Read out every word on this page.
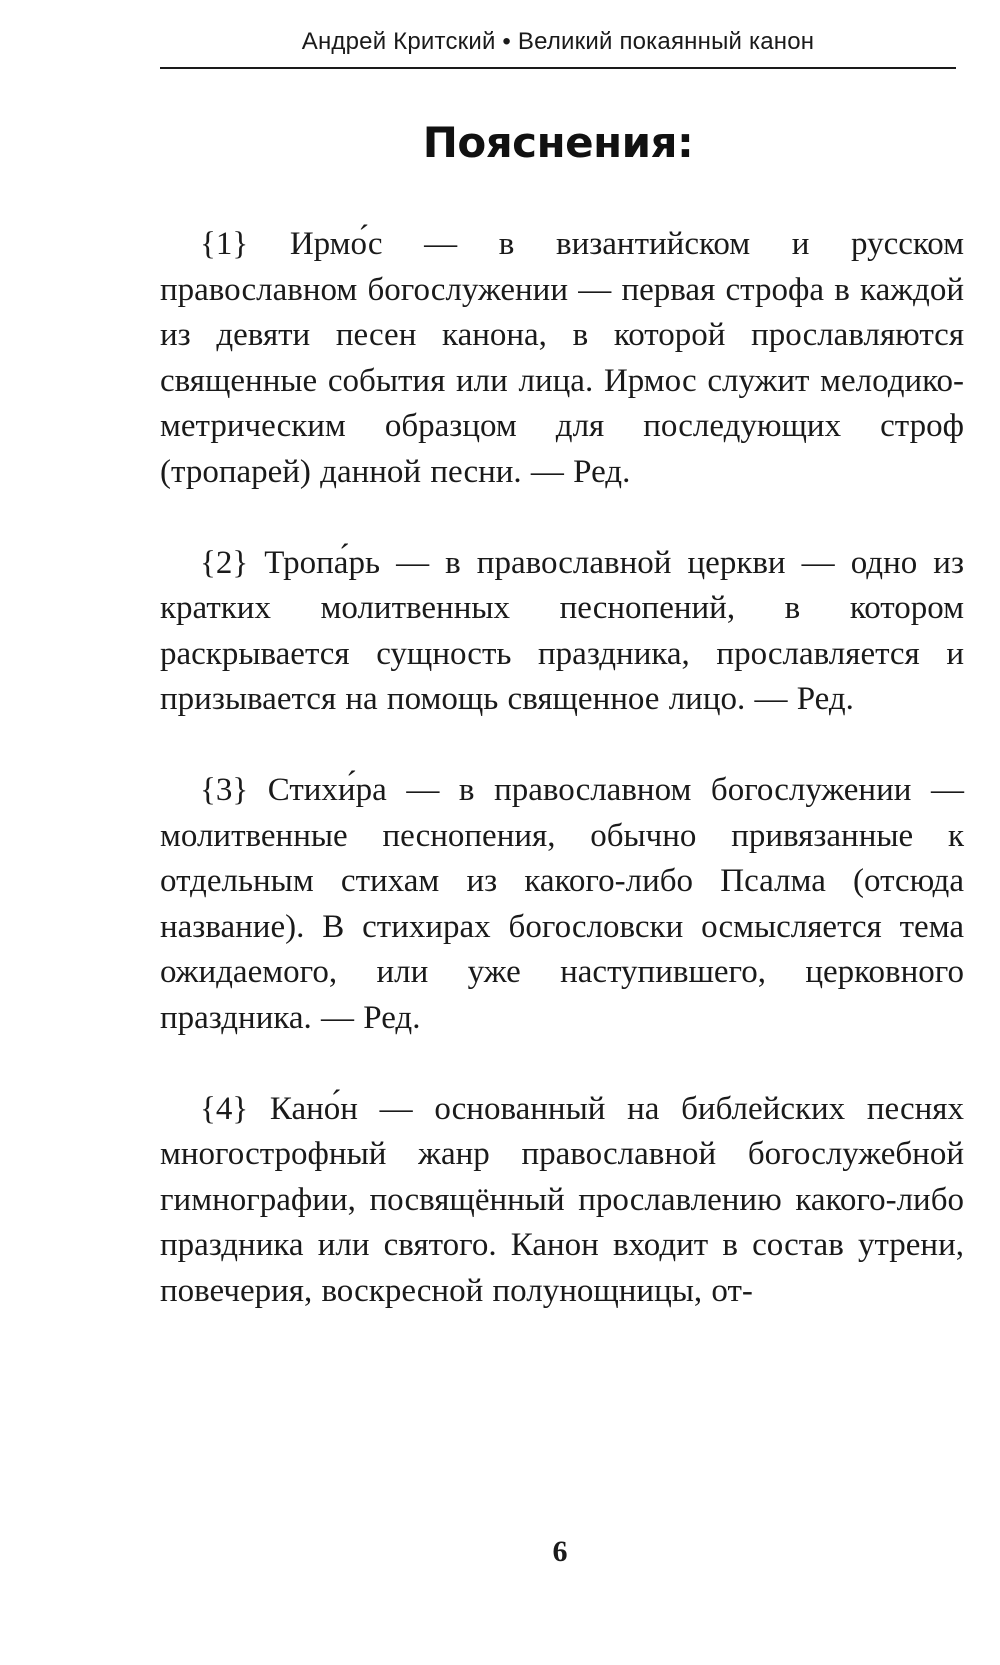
Андрей Критский • Великий покаянный канон
Пояснения:

{1} Ирмо́с — в византийском и русском православном богослужении — первая строфа в каждой из девяти песен канона, в которой прославляются священные события или лица. Ирмос служит мелодико-метрическим образцом для последующих строф (тропарей) данной песни. — Ред.

{2} Тропа́рь — в православной церкви — одно из кратких молитвенных песнопений, в котором раскрывается сущность праздника, прославляется и призывается на помощь священное лицо. — Ред.

{3} Стихи́ра — в православном богослужении — молитвенные песнопения, обычно привязанные к отдельным стихам из какого-либо Псалма (отсюда название). В стихирах богословски осмысляется тема ожидаемого, или уже наступившего, церковного праздника. — Ред.

{4} Кано́н — основанный на библейских песнях многострофный жанр православной богослужебной гимнографии, посвящённый прославлению какого-либо праздника или святого. Канон входит в состав утрени, повечерия, воскресной полунощницы, от-

6
